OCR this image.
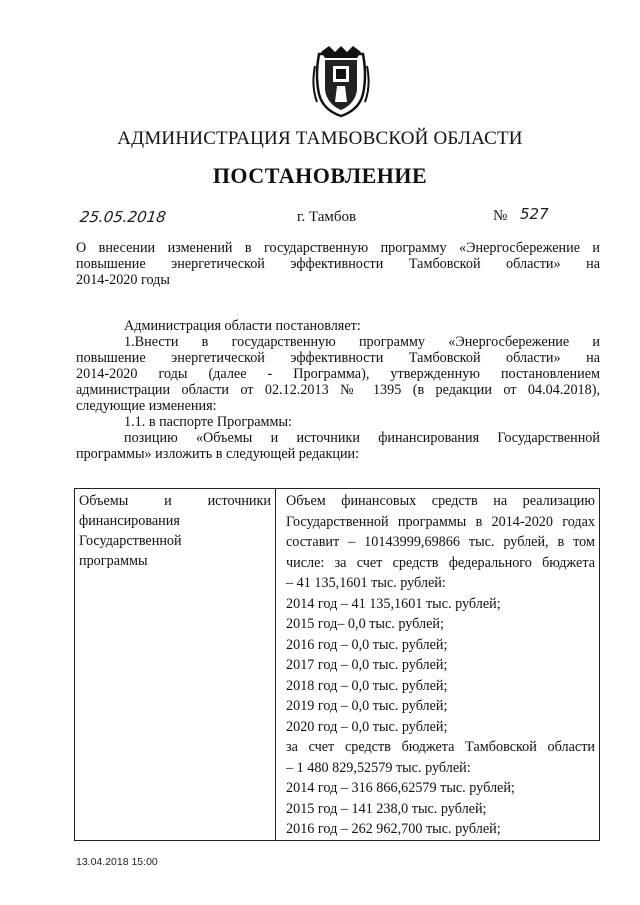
АДМИНИСТРАЦИЯ ТАМБОВСКОЙ ОБЛАСТИ
ПОСТАНОВЛЕНИЕ
25.05.2018	г. Тамбов	№ 527

О внесении изменений в государственную программу «Энергосбережение и

повышение энергетической эффективности Тамбовской области» на

2014-2020 годы

Администрация области постановляет:

1.Внести в государственную программу «Энергосбережение и

повышение энергетической эффективности Тамбовской области» на

2014-2020 годы (далее - Программа), утвержденную постановлением

администрации области от 02.12.2013 № 1395 (в редакции от 04.04.2018),

следующие изменения:

1.1. в паспорте Программы:

позицию «Объемы и источники финансирования Государственной

программы» изложить в следующей редакции:

Объемы и источники
финансирования
Государственной
программы

Объем финансовых средств на реализацию
Государственной программы в 2014-2020 годах
составит – 10143999,69866 тыс. рублей, в том
числе: за счет средств федерального бюджета
– 41 135,1601 тыс. рублей:
2014 год – 41 135,1601 тыс. рублей;
2015 год– 0,0 тыс. рублей;
2016 год – 0,0 тыс. рублей;
2017 год – 0,0 тыс. рублей;
2018 год – 0,0 тыс. рублей;
2019 год – 0,0 тыс. рублей;
2020 год – 0,0 тыс. рублей;
за счет средств бюджета Тамбовской области
– 1 480 829,52579 тыс. рублей:
2014 год – 316 866,62579 тыс. рублей;
2015 год – 141 238,0 тыс. рублей;
2016 год – 262 962,700 тыс. рублей;
13.04.2018 15:00
